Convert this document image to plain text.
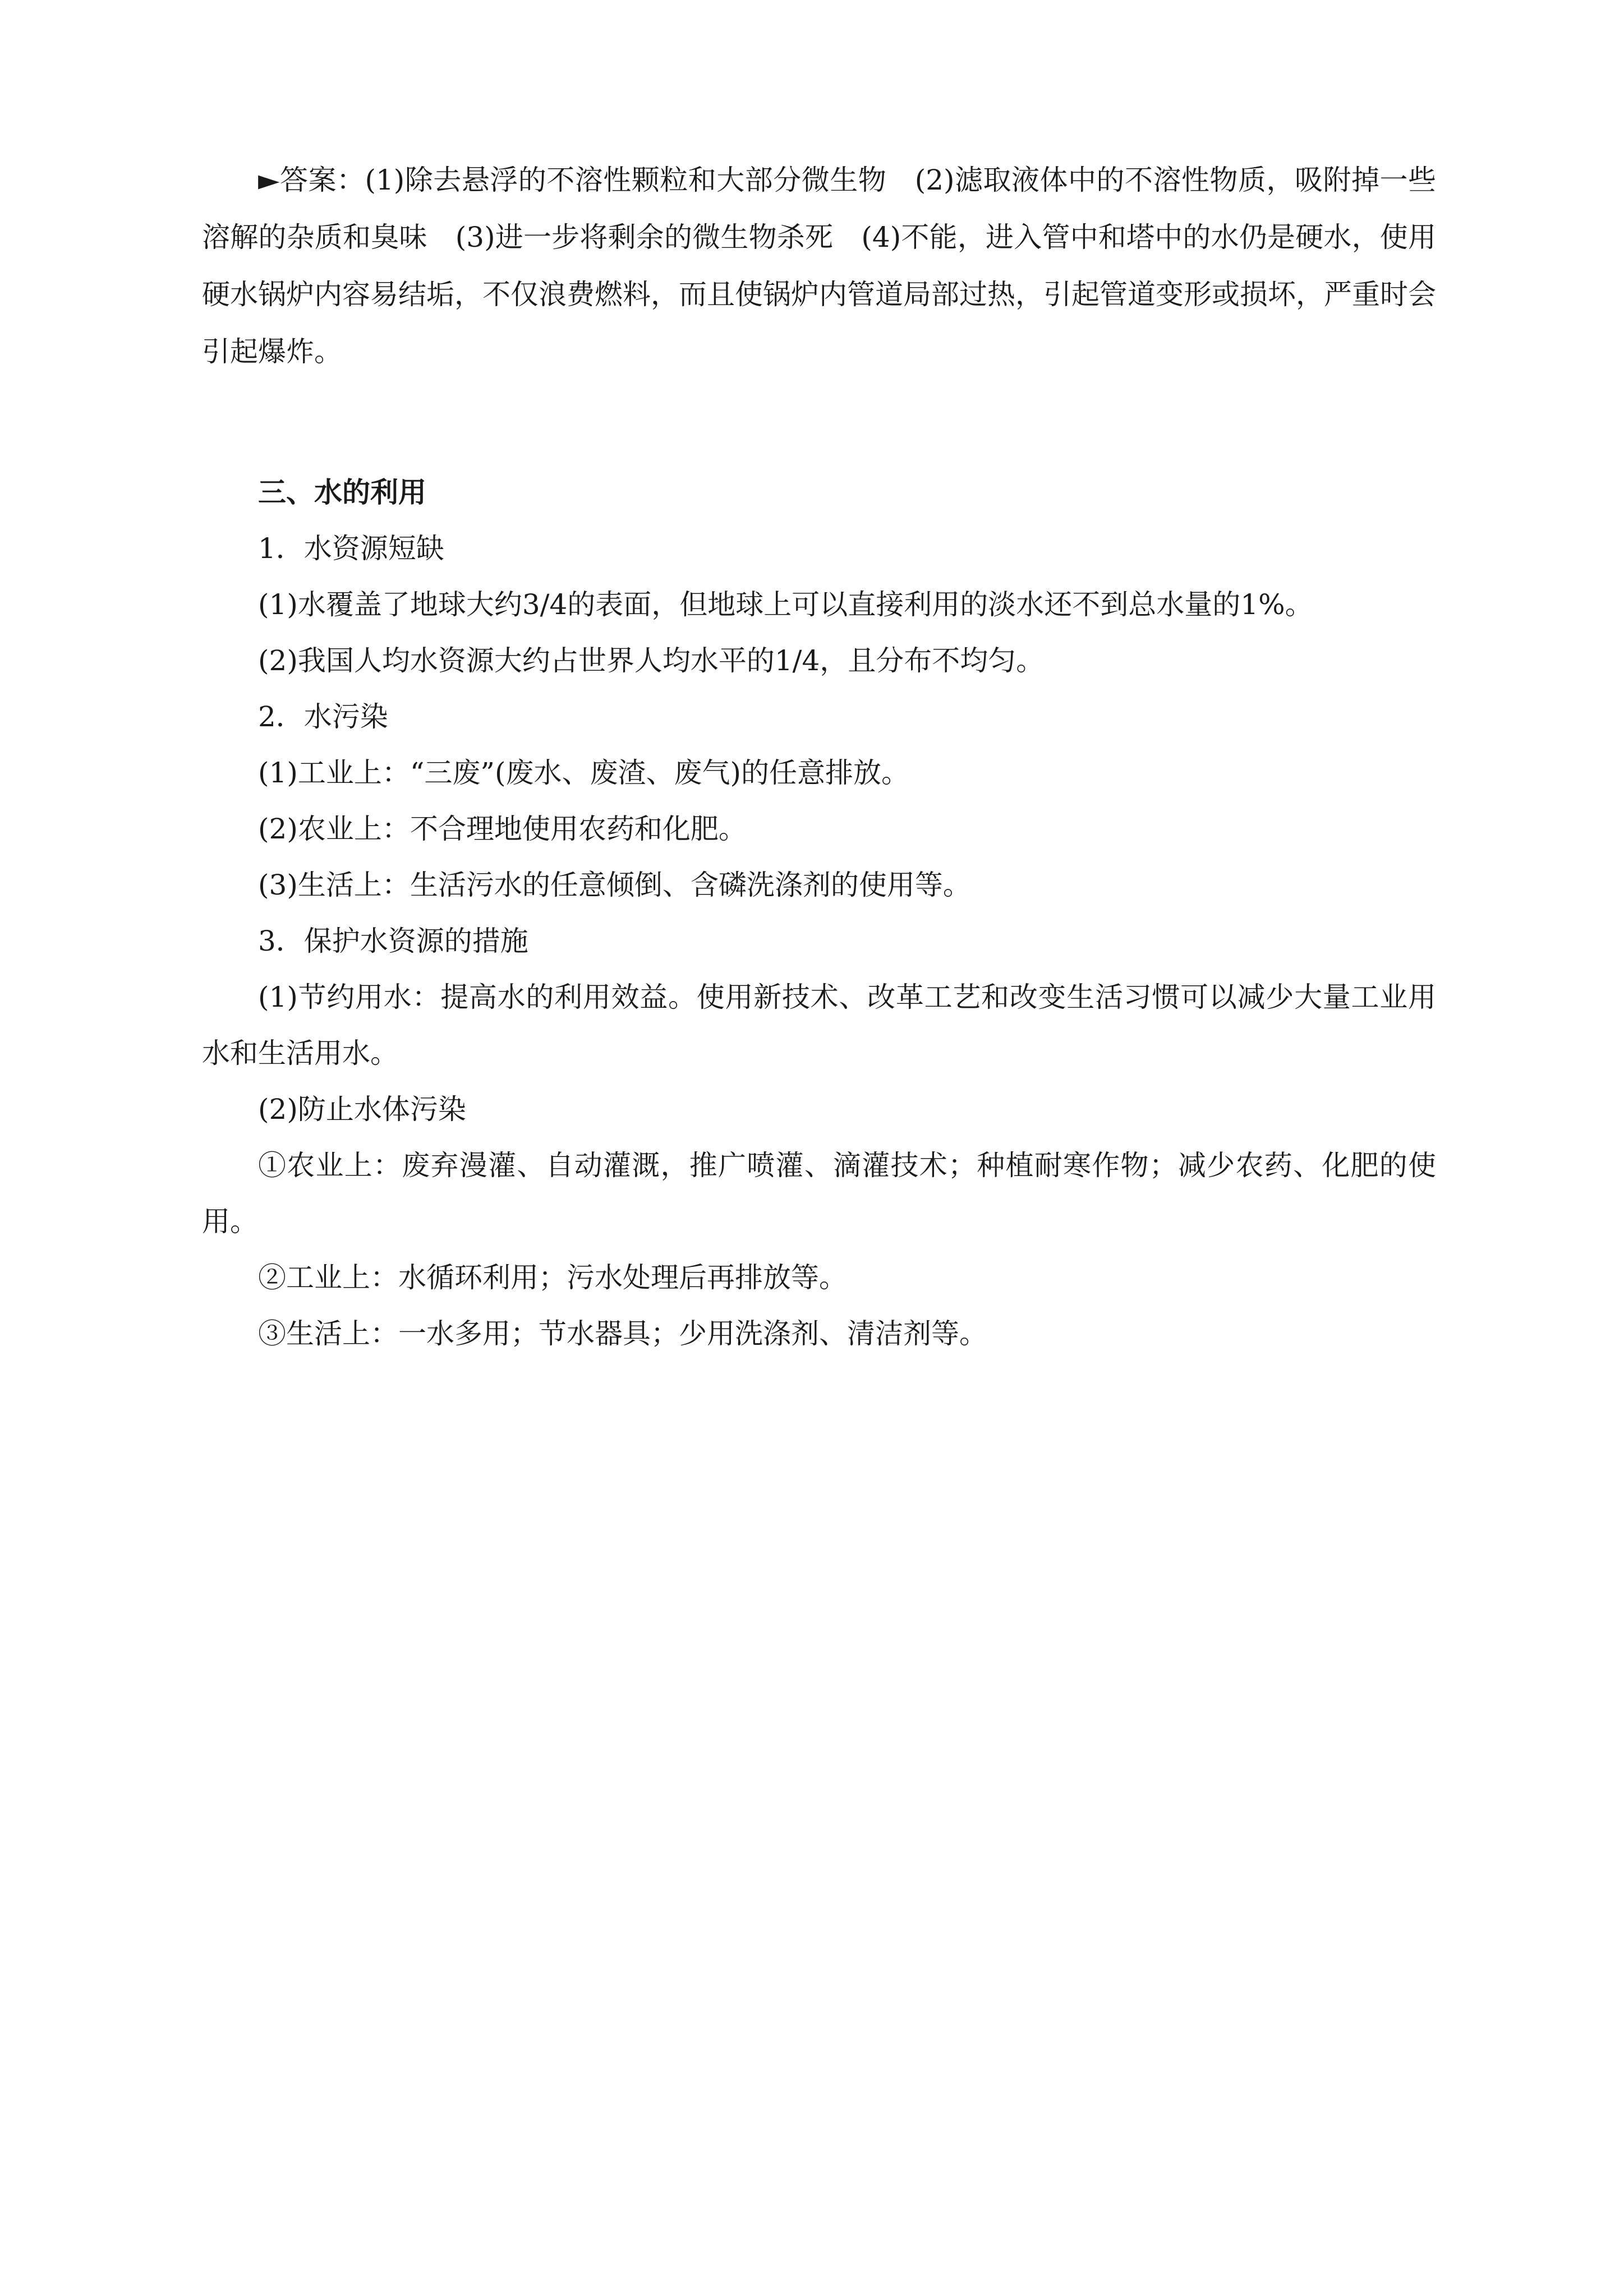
►答案：(1)除去悬浮的不溶性颗粒和大部分微生物　(2)滤取液体中的不溶性物质，吸附掉一些溶解的杂质和臭味　(3)进一步将剩余的微生物杀死　(4)不能，进入管中和塔中的水仍是硬水，使用硬水锅炉内容易结垢，不仅浪费燃料，而且使锅炉内管道局部过热，引起管道变形或损坏，严重时会引起爆炸。

三、水的利用

1．水资源短缺

(1)水覆盖了地球大约3/4的表面，但地球上可以直接利用的淡水还不到总水量的1%。

(2)我国人均水资源大约占世界人均水平的1/4，且分布不均匀。

2．水污染

(1)工业上：“三废”(废水、废渣、废气)的任意排放。

(2)农业上：不合理地使用农药和化肥。

(3)生活上：生活污水的任意倾倒、含磷洗涤剂的使用等。

3．保护水资源的措施

(1)节约用水：提高水的利用效益。使用新技术、改革工艺和改变生活习惯可以减少大量工业用水和生活用水。

(2)防止水体污染

①农业上：废弃漫灌、自动灌溉，推广喷灌、滴灌技术；种植耐寒作物；减少农药、化肥的使用。

②工业上：水循环利用；污水处理后再排放等。

③生活上：一水多用；节水器具；少用洗涤剂、清洁剂等。
